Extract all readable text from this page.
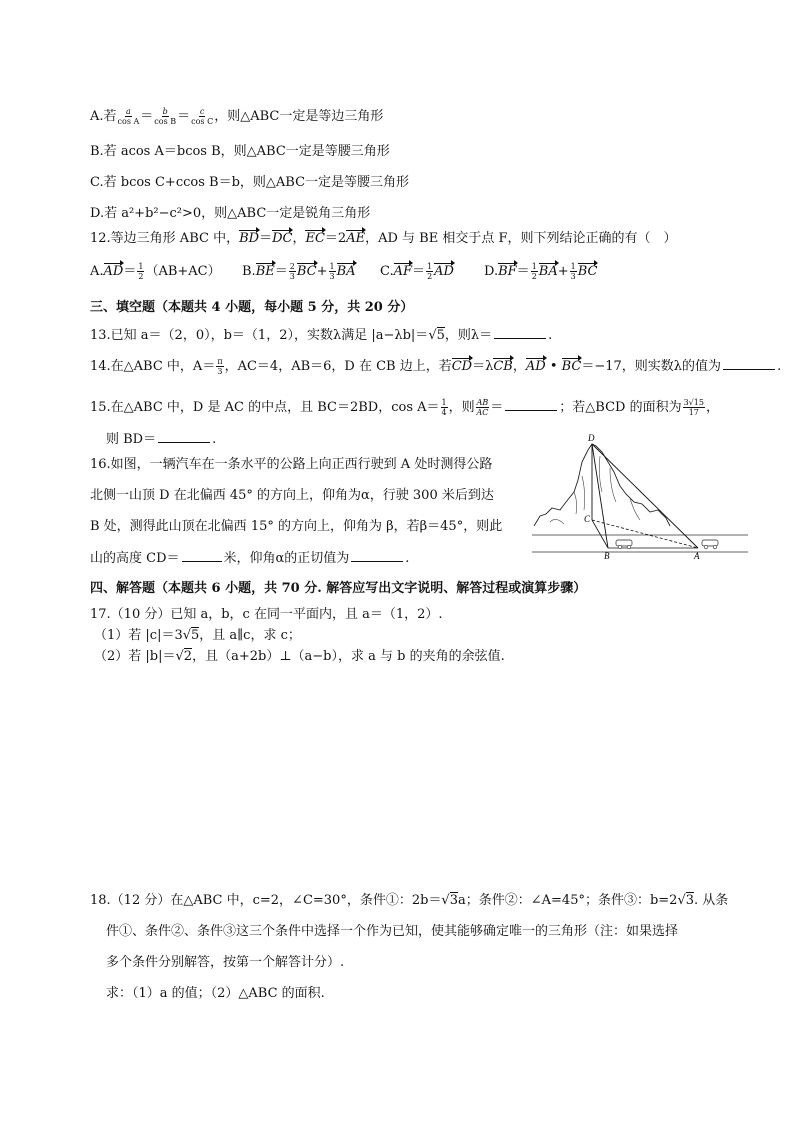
A.若 $\frac{a}{\text{cos A}} = \frac{b}{\text{cos B}} = \frac{c}{\text{cos C}}$ ，则△ABC一定是等边三角形
B.若 acos A＝bcos B，则△ABC一定是等腰三角形
C.若 bcos C+ccos B＝b，则△ABC一定是等腰三角形
D.若 a²+b²−c²>0，则△ABC一定是锐角三角形
12.等边三角形 ABC 中，BD＝DC，EC＝2AE，AD 与 BE 相交于点 F，则下列结论正确的有（　）
$A.AD= \frac{1}{2} (AB+AC)$ $B.BE= \frac{2}{3} BC+ \frac{1}{3}$ BA $C.AF= \frac{1}{2}$ AD $D.BF= \frac{1}{2} BA+ \frac{1}{3}$ BC
三、填空题（本题共 4 小题，每小题 5 分，共 20 分）
13.已知 a＝（2，0），b＝（1，2），实数λ满足 |a−λb|＝ √ 5，则λ＝	.
14.在△ABC 中，$A= \frac{\pi}{3}$ ，AC＝4，AB＝6，D 在 CB 边上，若CD＝λCB，AD • BC＝−17，则实数λ的值为	.
15.在△ABC 中，D 是 AC 的中点，且 BC＝2BD，$\cos A= \frac{1}{4}$ ，则 $\frac{AB}{AC}$ ＝	；若△BCD 的面积为 $\frac{3√15}{17}$ ，
则 BD＝	.
16.如图，一辆汽车在一条水平的公路上向正西行驶到 A 处时测得公路
北侧一山顶 D 在北偏西 45° 的方向上，仰角为α，行驶 300 米后到达
B 处，测得此山顶在北偏西 15° 的方向上，仰角为 β，若β＝45°，则此
山的高度 CD＝	米，仰角α的正切值为	.
D
C
B	A
四、解答题（本题共 6 小题，共 70 分. 解答应写出文字说明、解答过程或演算步骤）
17.（10 分）已知 a，b，c 在同一平面内，且 a＝（1，2）.
（1）若 |c|＝3 √ 5，且 a∥c，求 c；
（2）若 |b|＝ √ 2，且（a+2b）⊥（a−b），求 a 与 b 的夹角的余弦值.
18.（12 分）在△ABC 中，c=2，∠C=30°，条件①：2b＝ √ 3a；条件②：∠A=45°；条件③：b=2 √ 3. 从条
件①、条件②、条件③这三个条件中选择一个作为已知，使其能够确定唯一的三角形（注：如果选择
多个条件分别解答，按第一个解答计分）.
求：（1）a 的值；（2）△ABC 的面积.
